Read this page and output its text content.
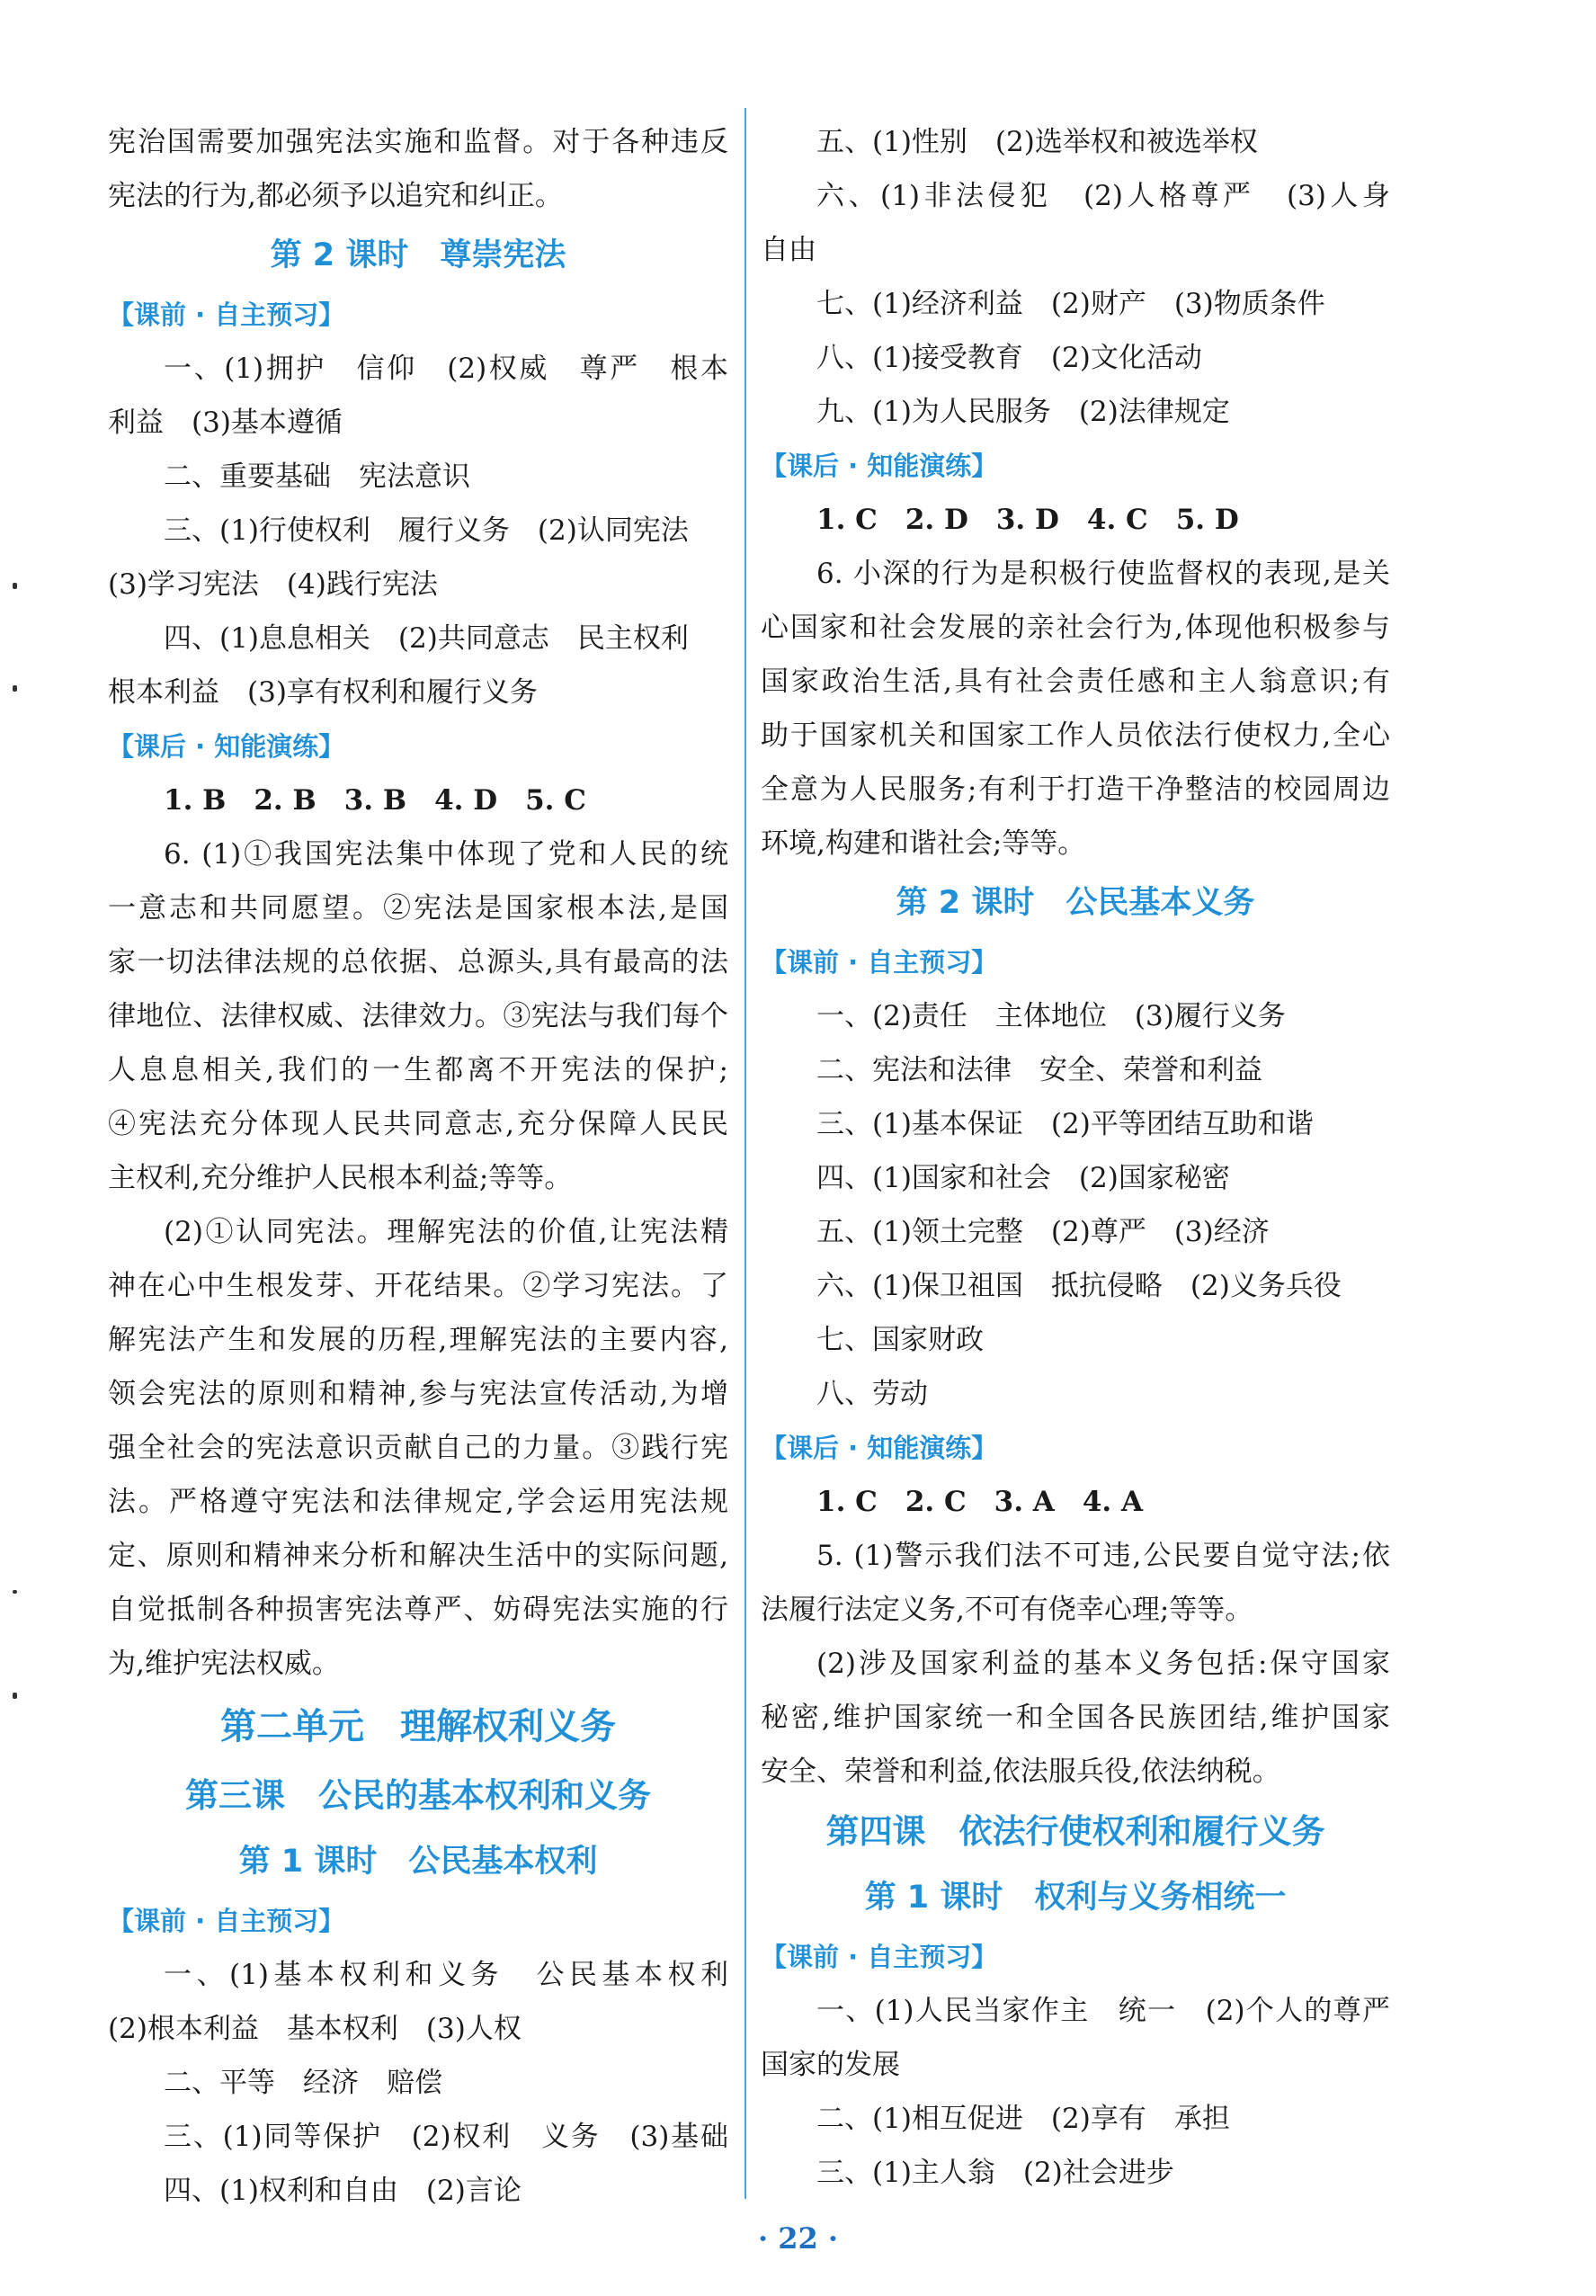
宪治国需要加强宪法实施和监督。对于各种违反
宪法的行为,都必须予以追究和纠正。
第 2 课时　尊崇宪法
【课前 · 自主预习】
一、(1)拥护　信仰　(2)权威　尊严　根本
利益　(3)基本遵循
二、重要基础　宪法意识
三、(1)行使权利　履行义务　(2)认同宪法
(3)学习宪法　(4)践行宪法
四、(1)息息相关　(2)共同意志　民主权利
根本利益　(3)享有权利和履行义务
【课后 · 知能演练】
1. B　2. B　3. B　4. D　5. C
6. (1)①我国宪法集中体现了党和人民的统
一意志和共同愿望。②宪法是国家根本法,是国
家一切法律法规的总依据、总源头,具有最高的法
律地位、法律权威、法律效力。③宪法与我们每个
人息息相关,我们的一生都离不开宪法的保护;
④宪法充分体现人民共同意志,充分保障人民民
主权利,充分维护人民根本利益;等等。
(2)①认同宪法。理解宪法的价值,让宪法精
神在心中生根发芽、开花结果。②学习宪法。了
解宪法产生和发展的历程,理解宪法的主要内容,
领会宪法的原则和精神,参与宪法宣传活动,为增
强全社会的宪法意识贡献自己的力量。③践行宪
法。严格遵守宪法和法律规定,学会运用宪法规
定、原则和精神来分析和解决生活中的实际问题,
自觉抵制各种损害宪法尊严、妨碍宪法实施的行
为,维护宪法权威。
第二单元　理解权利义务
第三课　公民的基本权利和义务
第 1 课时　公民基本权利
【课前 · 自主预习】
一、(1)基本权利和义务　公民基本权利
(2)根本利益　基本权利　(3)人权
二、平等　经济　赔偿
三、(1)同等保护　(2)权利　义务　(3)基础
四、(1)权利和自由　(2)言论
五、(1)性别　(2)选举权和被选举权
六、(1)非法侵犯　(2)人格尊严　(3)人身
自由
七、(1)经济利益　(2)财产　(3)物质条件
八、(1)接受教育　(2)文化活动
九、(1)为人民服务　(2)法律规定
【课后 · 知能演练】
1. C　2. D　3. D　4. C　5. D
6. 小深的行为是积极行使监督权的表现,是关
心国家和社会发展的亲社会行为,体现他积极参与
国家政治生活,具有社会责任感和主人翁意识;有
助于国家机关和国家工作人员依法行使权力,全心
全意为人民服务;有利于打造干净整洁的校园周边
环境,构建和谐社会;等等。
第 2 课时　公民基本义务
【课前 · 自主预习】
一、(2)责任　主体地位　(3)履行义务
二、宪法和法律　安全、荣誉和利益
三、(1)基本保证　(2)平等团结互助和谐
四、(1)国家和社会　(2)国家秘密
五、(1)领土完整　(2)尊严　(3)经济
六、(1)保卫祖国　抵抗侵略　(2)义务兵役
七、国家财政
八、劳动
【课后 · 知能演练】
1. C　2. C　3. A　4. A
5. (1)警示我们法不可违,公民要自觉守法;依
法履行法定义务,不可有侥幸心理;等等。
(2)涉及国家利益的基本义务包括:保守国家
秘密,维护国家统一和全国各民族团结,维护国家
安全、荣誉和利益,依法服兵役,依法纳税。
第四课　依法行使权利和履行义务
第 1 课时　权利与义务相统一
【课前 · 自主预习】
一、(1)人民当家作主　统一　(2)个人的尊严
国家的发展
二、(1)相互促进　(2)享有　承担
三、(1)主人翁　(2)社会进步
· 22 ·
